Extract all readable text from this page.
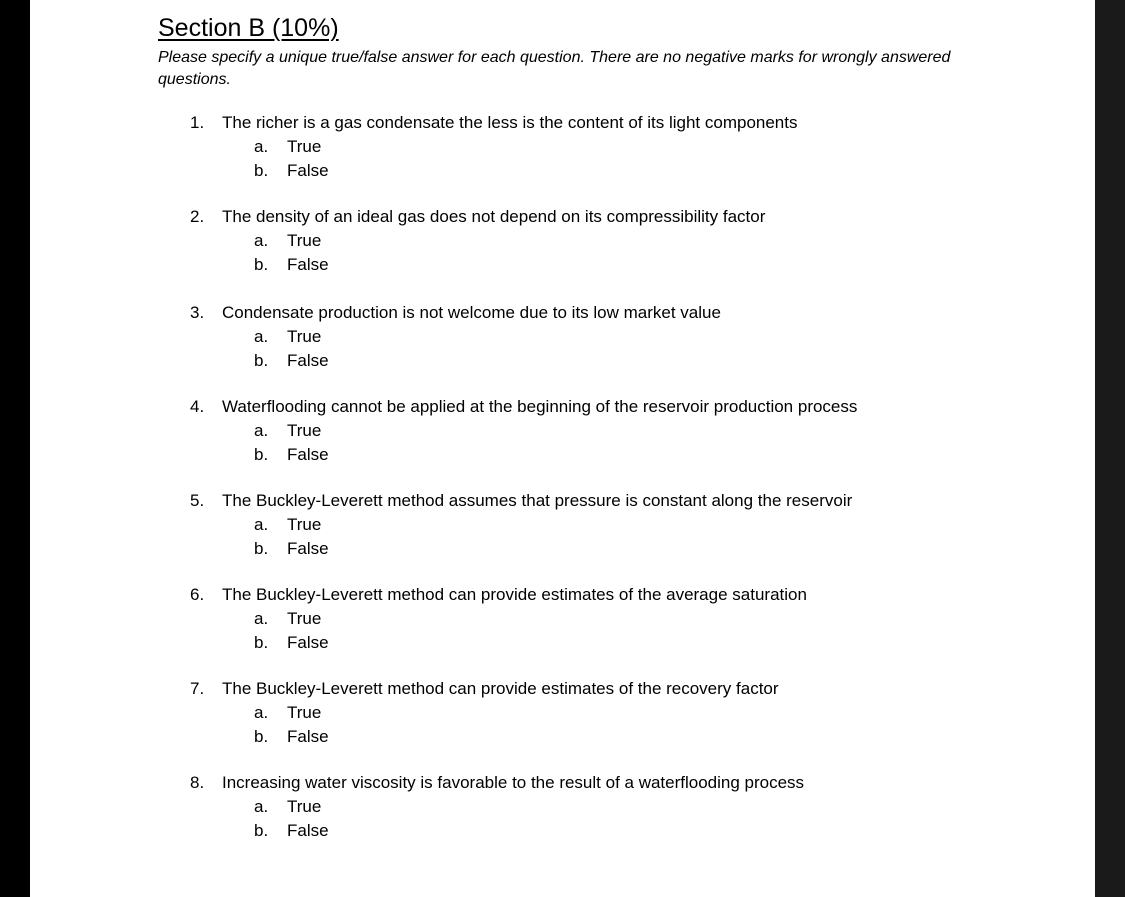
Section B (10%)
Please specify a unique true/false answer for each question. There are no negative marks for wrongly answered questions.
1. The richer is a gas condensate the less is the content of its light components
a. True
b. False
2. The density of an ideal gas does not depend on its compressibility factor
a. True
b. False
3. Condensate production is not welcome due to its low market value
a. True
b. False
4. Waterflooding cannot be applied at the beginning of the reservoir production process
a. True
b. False
5. The Buckley-Leverett method assumes that pressure is constant along the reservoir
a. True
b. False
6. The Buckley-Leverett method can provide estimates of the average saturation
a. True
b. False
7. The Buckley-Leverett method can provide estimates of the recovery factor
a. True
b. False
8. Increasing water viscosity is favorable to the result of a waterflooding process
a. True
b. False
